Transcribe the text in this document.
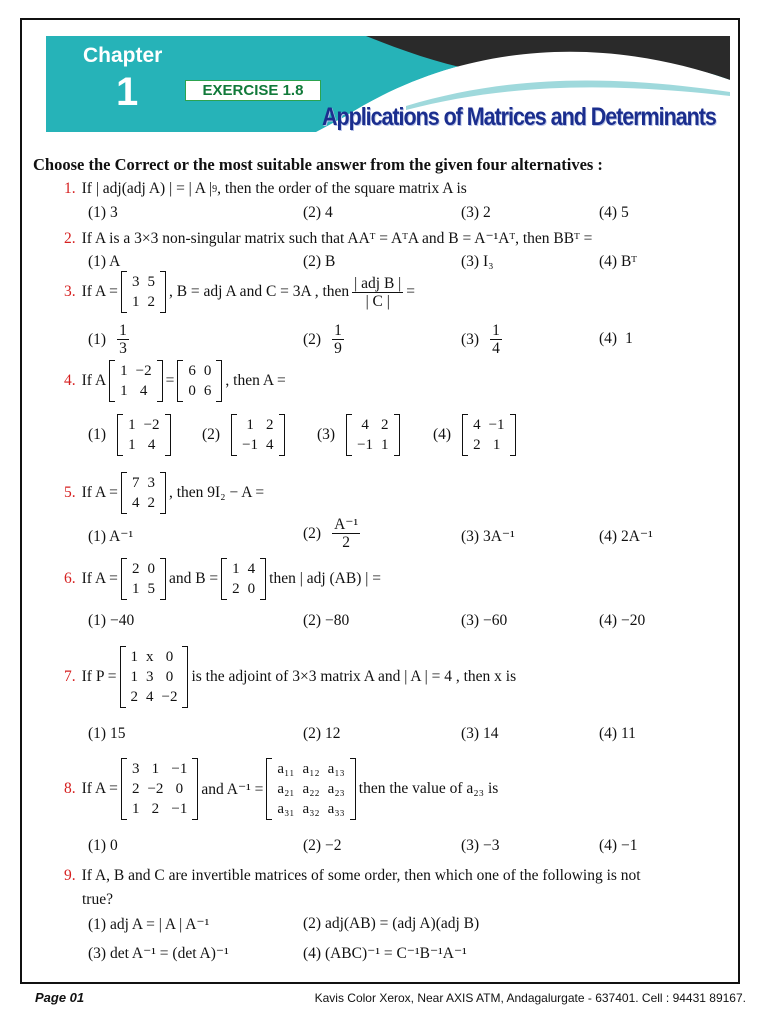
Chapter
1	EXERCISE 1.8
Applications of Matrices and Determinants
Choose the Correct or the most suitable answer from the given four alternatives :
1. If | adj(adj A) | = | A | 9 , then the order of the square matrix A is
(1) 3	(2) 4	(3) 2	(4) 5
2. If A is a 3×3 non-singular matrix such that AAᵀ = AᵀA and B = A⁻¹Aᵀ, then BBᵀ =
(1) A	(2) B	(3) I₃	(4) Bᵀ
3. If A =
3	5
1	2
, B = adj A and C = 3A , then $\frac{\text{| adj B |}}{| C |}$ =
$(1) \frac{1}{3}$	$(2) \frac{1}{9}$	$(3) \frac{1}{4}$	(4) 1
4. If A
1	−2
1	4
=
6	0
0	6
, then A =
(1)
1	−2
1	4
(2)
1	2
−1	4
(3)
4	2
−1	1
(4)
4	−1
2	1
5. If A =
7	3
4	2
, then 9I₂ − A =
(1) A⁻¹	$(2) \frac{\text{A⁻¹}}{2}$	(3) 3A⁻¹	(4) 2A⁻¹
6. If A =
2	0
1	5
and B =
1	4
2	0
then | adj (AB) | =
(1) −40	(2) −80	(3) −60	(4) −20
7. If P =
1	x	0
1	3	0
2	4	−2
is the adjoint of 3×3 matrix A and | A | = 4 , then x is
(1) 15	(2) 12	(3) 14	(4) 11
8. If A =
3	1	−1
2	−2	0
1	2	−1
and A⁻¹ =
a₁₁	a₁₂	a₁₃
a₂₁	a₂₂	a₂₃
a₃₁	a₃₂	a₃₃
then the value of a₂₃ is
(1) 0	(2) −2	(3) −3	(4) −1
9. If A, B and C are invertible matrices of some order, then which one of the following is not
true?
(1) adj A = | A | A⁻¹	(2) adj(AB) = (adj A)(adj B)
(3) det A⁻¹ = (det A)⁻¹	(4) (ABC)⁻¹ = C⁻¹B⁻¹A⁻¹
Page 01	Kavis Color Xerox, Near AXIS ATM, Andagalurgate - 637401. Cell : 94431 89167.
